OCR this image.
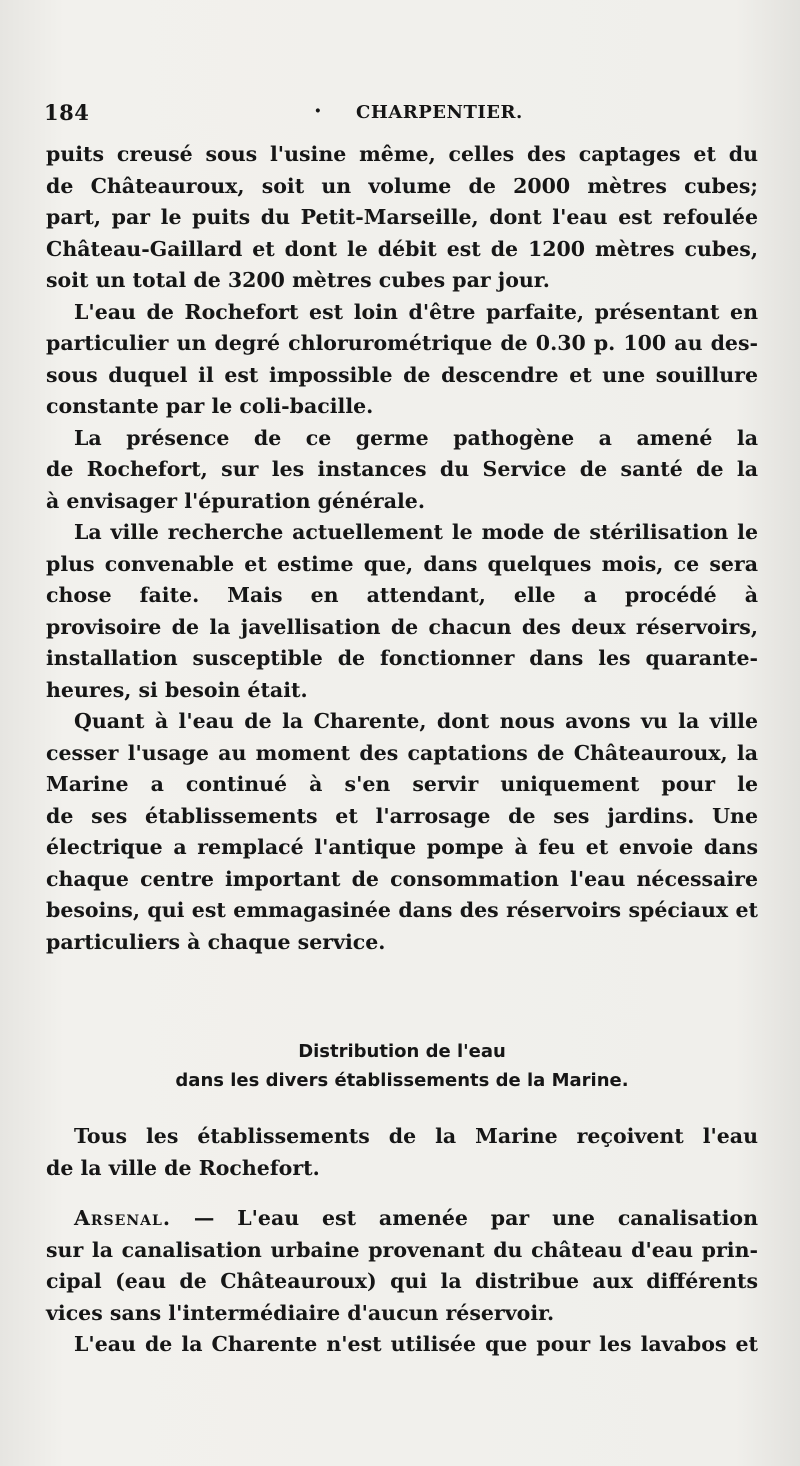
184	· CHARPENTIER.
puits creusé sous l'usine même, celles des captages et du
de Châteauroux, soit un volume de 2000 mètres cubes;
part, par le puits du Petit-Marseille, dont l'eau est refoulée
Château-Gaillard et dont le débit est de 1200 mètres cubes,
soit un total de 3200 mètres cubes par jour.
L'eau de Rochefort est loin d'être parfaite, présentant en
particulier un degré chlorurométrique de 0.30 p. 100 au des-
sous duquel il est impossible de descendre et une souillure
constante par le coli-bacille.
La présence de ce germe pathogène a amené la
de Rochefort, sur les instances du Service de santé de la
à envisager l'épuration générale.
La ville recherche actuellement le mode de stérilisation le
plus convenable et estime que, dans quelques mois, ce sera
chose faite. Mais en attendant, elle a procédé à
provisoire de la javellisation de chacun des deux réservoirs,
installation susceptible de fonctionner dans les quarante-
heures, si besoin était.
Quant à l'eau de la Charente, dont nous avons vu la ville
cesser l'usage au moment des captations de Châteauroux, la
Marine a continué à s'en servir uniquement pour le
de ses établissements et l'arrosage de ses jardins. Une
électrique a remplacé l'antique pompe à feu et envoie dans
chaque centre important de consommation l'eau nécessaire
besoins, qui est emmagasinée dans des réservoirs spéciaux et
particuliers à chaque service.
Distribution de l'eau
dans les divers établissements de la Marine.
Tous les établissements de la Marine reçoivent l'eau
de la ville de Rochefort.
Arsenal. — L'eau est amenée par une canalisation
sur la canalisation urbaine provenant du château d'eau prin-
cipal (eau de Châteauroux) qui la distribue aux différents
vices sans l'intermédiaire d'aucun réservoir.
L'eau de la Charente n'est utilisée que pour les lavabos et
